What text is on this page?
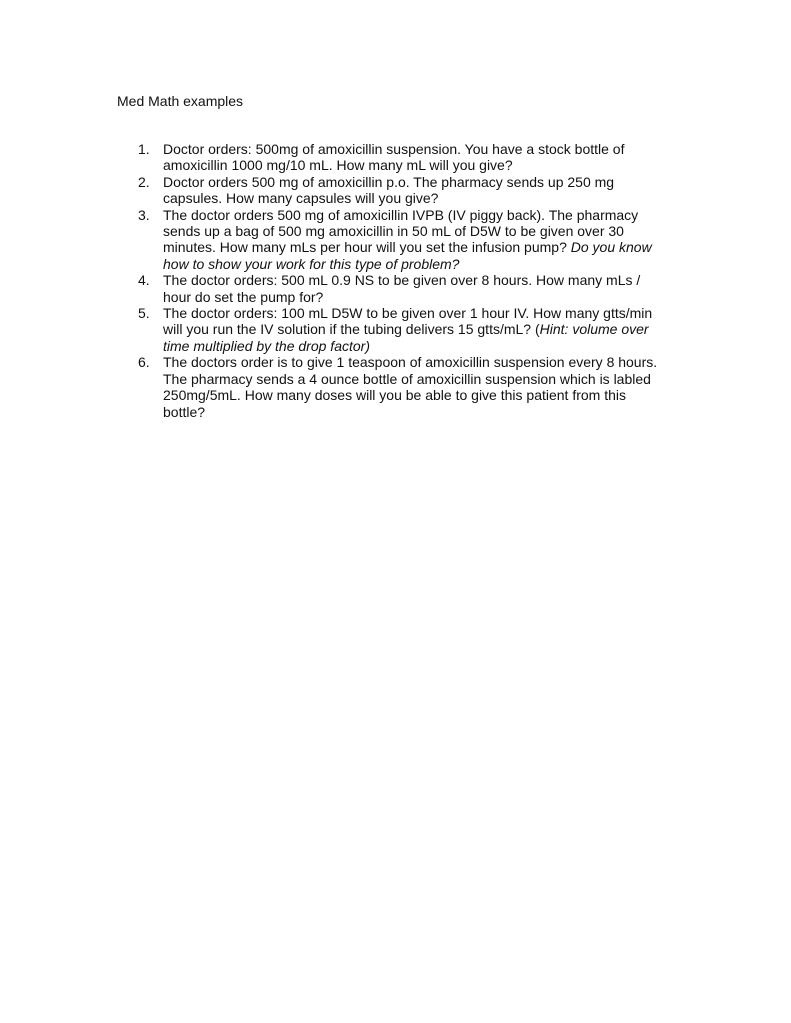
Med Math examples
1. Doctor orders: 500mg of amoxicillin suspension. You have a stock bottle of amoxicillin 1000 mg/10 mL. How many mL will you give?
2. Doctor orders 500 mg of amoxicillin p.o. The pharmacy sends up 250 mg capsules. How many capsules will you give?
3. The doctor orders 500 mg of amoxicillin IVPB (IV piggy back). The pharmacy sends up a bag of 500 mg amoxicillin in 50 mL of D5W to be given over 30 minutes. How many mLs per hour will you set the infusion pump? Do you know how to show your work for this type of problem?
4. The doctor orders: 500 mL 0.9 NS to be given over 8 hours. How many mLs / hour do set the pump for?
5. The doctor orders: 100 mL D5W to be given over 1 hour IV. How many gtts/min will you run the IV solution if the tubing delivers 15 gtts/mL? (Hint: volume over time multiplied by the drop factor)
6. The doctors order is to give 1 teaspoon of amoxicillin suspension every 8 hours. The pharmacy sends a 4 ounce bottle of amoxicillin suspension which is labled 250mg/5mL. How many doses will you be able to give this patient from this bottle?
